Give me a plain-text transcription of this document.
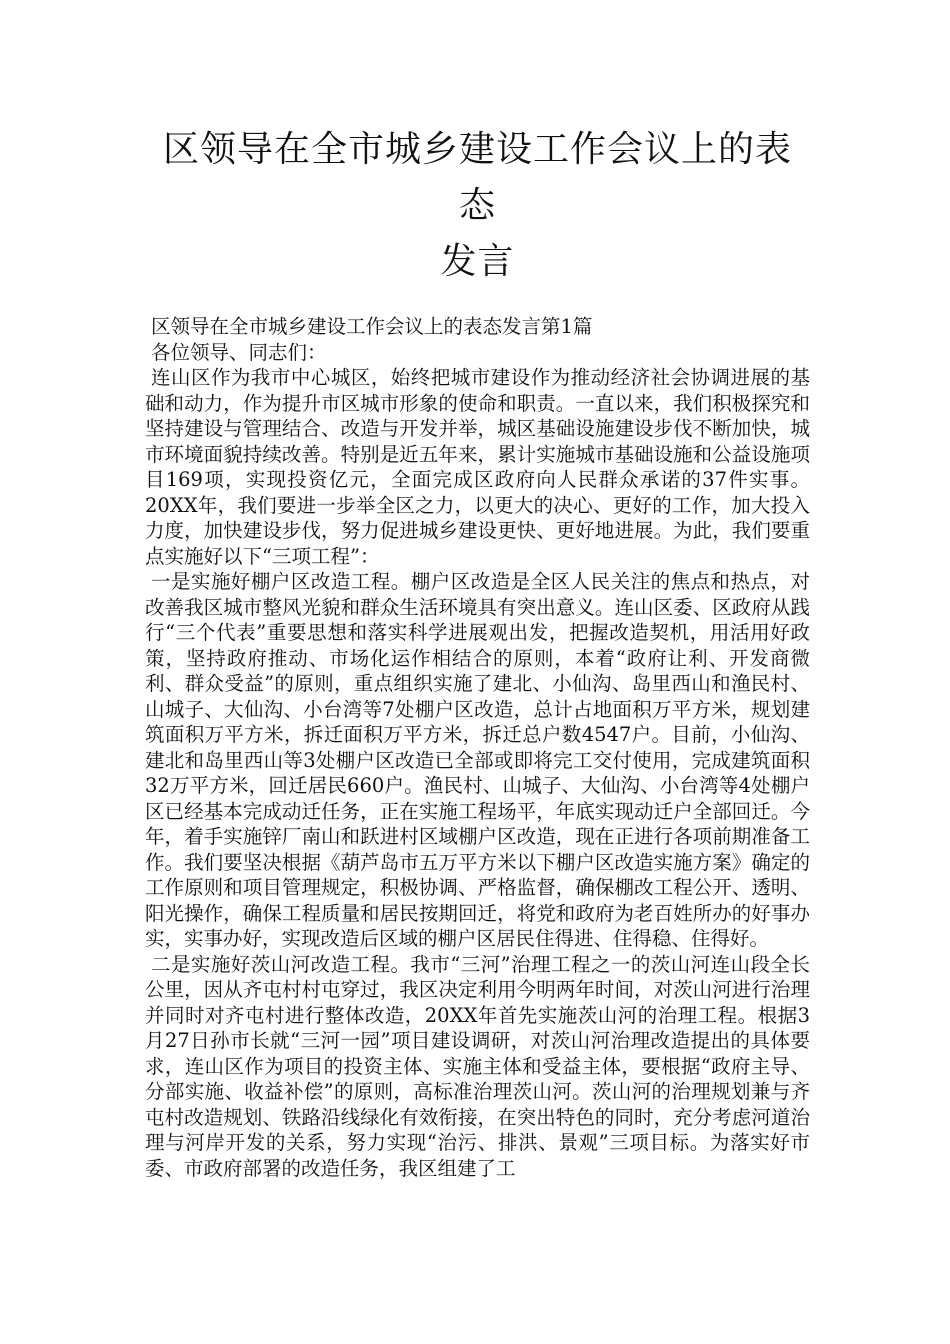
区领导在全市城乡建设工作会议上的表态
发言

区领导在全市城乡建设工作会议上的表态发言第1篇

各位领导、同志们：

连山区作为我市中心城区，始终把城市建设作为推动经济社会协调进展的基础和动力，作为提升市区城市形象的使命和职责。一直以来，我们积极探究和坚持建设与管理结合、改造与开发并举，城区基础设施建设步伐不断加快，城市环境面貌持续改善。特别是近五年来，累计实施城市基础设施和公益设施项目169项，实现投资亿元，全面完成区政府向人民群众承诺的37件实事。20XX年，我们要进一步举全区之力，以更大的决心、更好的工作，加大投入力度，加快建设步伐，努力促进城乡建设更快、更好地进展。为此，我们要重点实施好以下“三项工程”：

一是实施好棚户区改造工程。棚户区改造是全区人民关注的焦点和热点，对改善我区城市整风光貌和群众生活环境具有突出意义。连山区委、区政府从践行“三个代表”重要思想和落实科学进展观出发，把握改造契机，用活用好政策，坚持政府推动、市场化运作相结合的原则，本着“政府让利、开发商微利、群众受益”的原则，重点组织实施了建北、小仙沟、岛里西山和渔民村、山城子、大仙沟、小台湾等7处棚户区改造，总计占地面积万平方米，规划建筑面积万平方米，拆迁面积万平方米，拆迁总户数4547户。目前，小仙沟、建北和岛里西山等3处棚户区改造已全部或即将完工交付使用，完成建筑面积32万平方米，回迁居民660户。渔民村、山城子、大仙沟、小台湾等4处棚户区已经基本完成动迁任务，正在实施工程场平，年底实现动迁户全部回迁。今年，着手实施锌厂南山和跃进村区域棚户区改造，现在正进行各项前期准备工作。我们要坚决根据《葫芦岛市五万平方米以下棚户区改造实施方案》确定的工作原则和项目管理规定，积极协调、严格监督，确保棚改工程公开、透明、阳光操作，确保工程质量和居民按期回迁，将党和政府为老百姓所办的好事办实，实事办好，实现改造后区域的棚户区居民住得进、住得稳、住得好。

二是实施好茨山河改造工程。我市“三河”治理工程之一的茨山河连山段全长公里，因从齐屯村村屯穿过，我区决定利用今明两年时间，对茨山河进行治理并同时对齐屯村进行整体改造，20XX年首先实施茨山河的治理工程。根据3月27日孙市长就“三河一园”项目建设调研，对茨山河治理改造提出的具体要求，连山区作为项目的投资主体、实施主体和受益主体，要根据“政府主导、分部实施、收益补偿”的原则，高标准治理茨山河。茨山河的治理规划兼与齐屯村改造规划、铁路沿线绿化有效衔接，在突出特色的同时，充分考虑河道治理与河岸开发的关系，努力实现“治污、排洪、景观”三项目标。为落实好市委、市政府部署的改造任务，我区组建了工
